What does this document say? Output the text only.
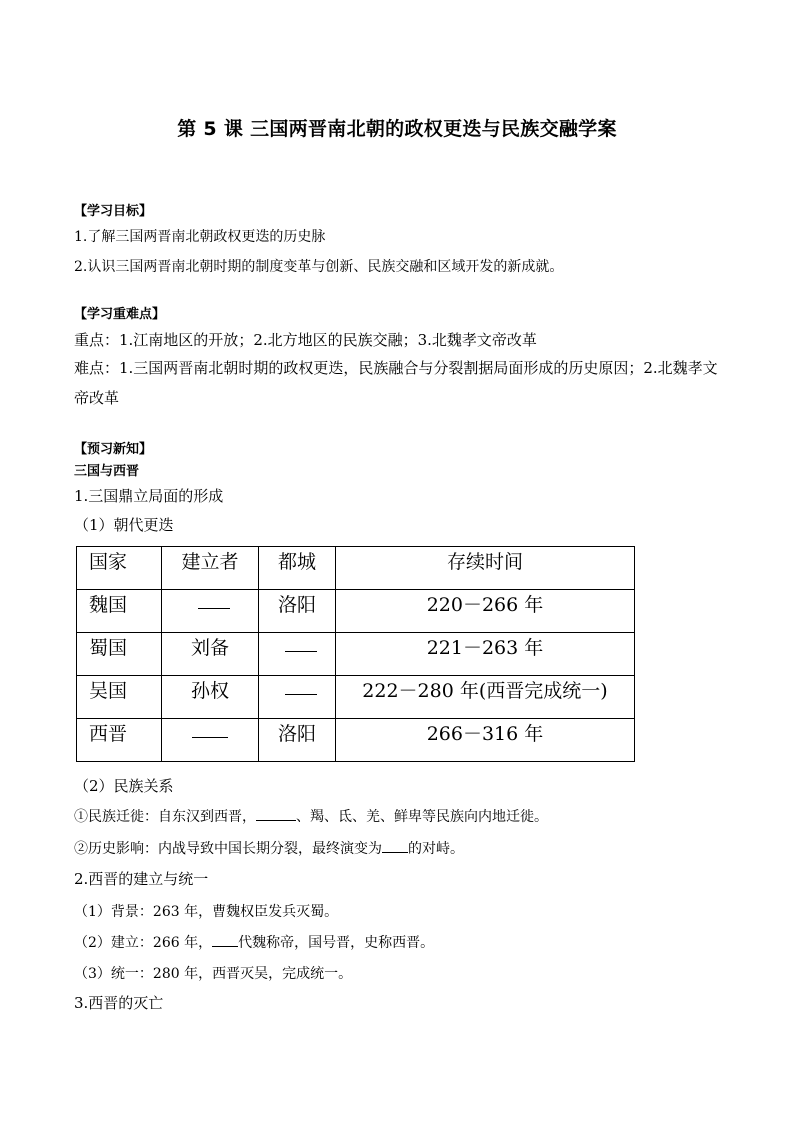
第 5 课 三国两晋南北朝的政权更迭与民族交融学案
【学习目标】
1.了解三国两晋南北朝政权更迭的历史脉
2.认识三国两晋南北朝时期的制度变革与创新、民族交融和区域开发的新成就。
【学习重难点】
重点：1.江南地区的开放；2.北方地区的民族交融；3.北魏孝文帝改革
难点：1.三国两晋南北朝时期的政权更迭，民族融合与分裂割据局面形成的历史原因；2.北魏孝文帝改革
【预习新知】
三国与西晋
1.三国鼎立局面的形成
（1）朝代更迭
国家	建立者	都城	存续时间

魏国		洛阳	220－266 年

蜀国	刘备		221－263 年

吴国	孙权		222－280 年(西晋完成统一)

西晋		洛阳	266－316 年
（2）民族关系
①民族迁徙：自东汉到西晋，	、羯、氐、羌、鲜卑等民族向内地迁徙。
②历史影响：内战导致中国长期分裂，最终演变为 的对峙。
2.西晋的建立与统一
（1）背景：263 年，曹魏权臣发兵灭蜀。
（2）建立：266 年， 代魏称帝，国号晋，史称西晋。
（3）统一：280 年，西晋灭吴，完成统一。
3.西晋的灭亡
